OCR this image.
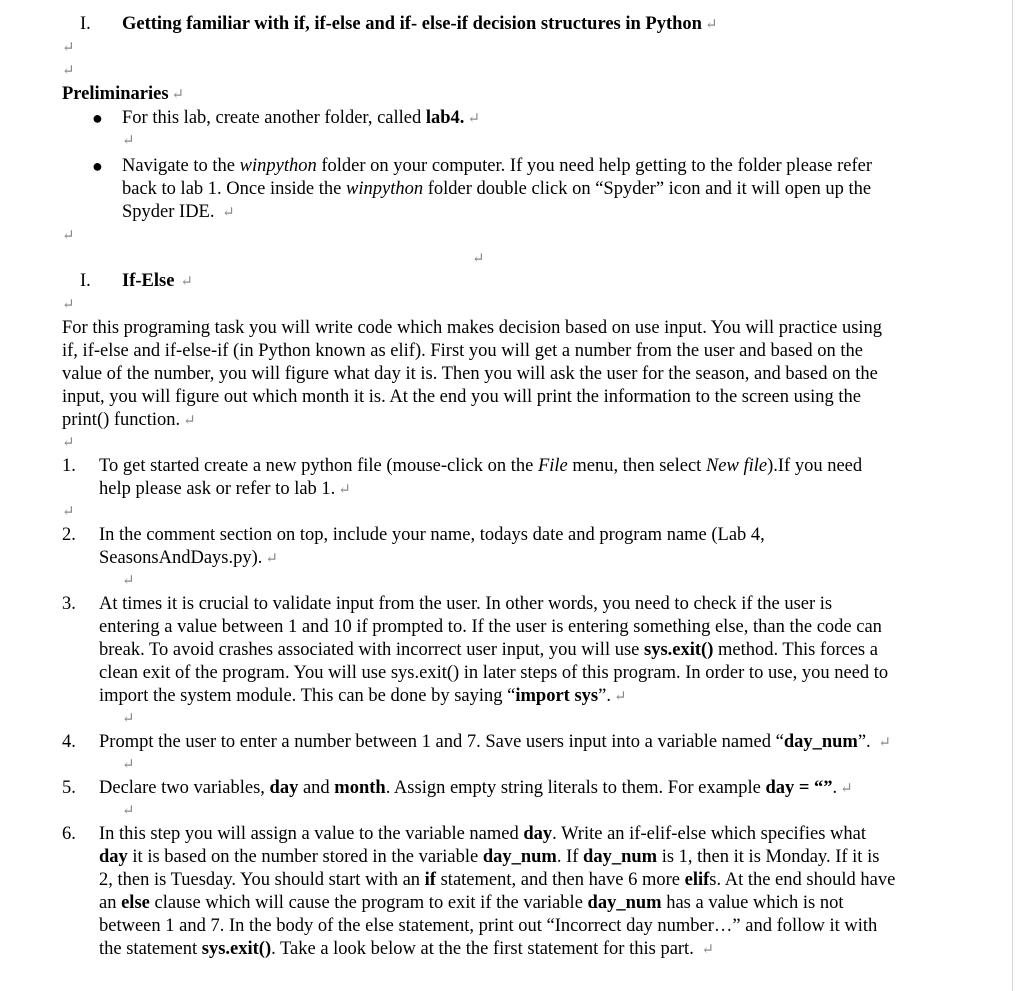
I. Getting familiar with if, if-else and if- else-if decision structures in Python ↵
↵
↵
Preliminaries ↵
● For this lab, create another folder, called lab4. ↵
↵
● Navigate to the winpython folder on your computer. If you need help getting to the folder please refer
back to lab 1. Once inside the winpython folder double click on “Spyder” icon and it will open up the
Spyder IDE. ↵
↵
↵
I. If-Else ↵
↵
For this programing task you will write code which makes decision based on use input. You will practice using
if, if-else and if-else-if (in Python known as elif). First you will get a number from the user and based on the
value of the number, you will figure what day it is. Then you will ask the user for the season, and based on the
input, you will figure out which month it is. At the end you will print the information to the screen using the
print() function. ↵
↵
1. To get started create a new python file (mouse-click on the File menu, then select New file).If you need
help please ask or refer to lab 1. ↵
↵
2. In the comment section on top, include your name, todays date and program name (Lab 4,
SeasonsAndDays.py). ↵
↵
3. At times it is crucial to validate input from the user. In other words, you need to check if the user is
entering a value between 1 and 10 if prompted to. If the user is entering something else, than the code can
break. To avoid crashes associated with incorrect user input, you will use sys.exit() method. This forces a
clean exit of the program. You will use sys.exit() in later steps of this program. In order to use, you need to
import the system module. This can be done by saying “import sys”. ↵
↵
4. Prompt the user to enter a number between 1 and 7. Save users input into a variable named “day_num”. ↵
↵
5. Declare two variables, day and month. Assign empty string literals to them. For example day = “”. ↵
↵
6. In this step you will assign a value to the variable named day. Write an if-elif-else which specifies what
day it is based on the number stored in the variable day_num. If day_num is 1, then it is Monday. If it is
2, then is Tuesday. You should start with an if statement, and then have 6 more elifs. At the end should have
an else clause which will cause the program to exit if the variable day_num has a value which is not
between 1 and 7. In the body of the else statement, print out “Incorrect day number…” and follow it with
the statement sys.exit(). Take a look below at the the first statement for this part. ↵
